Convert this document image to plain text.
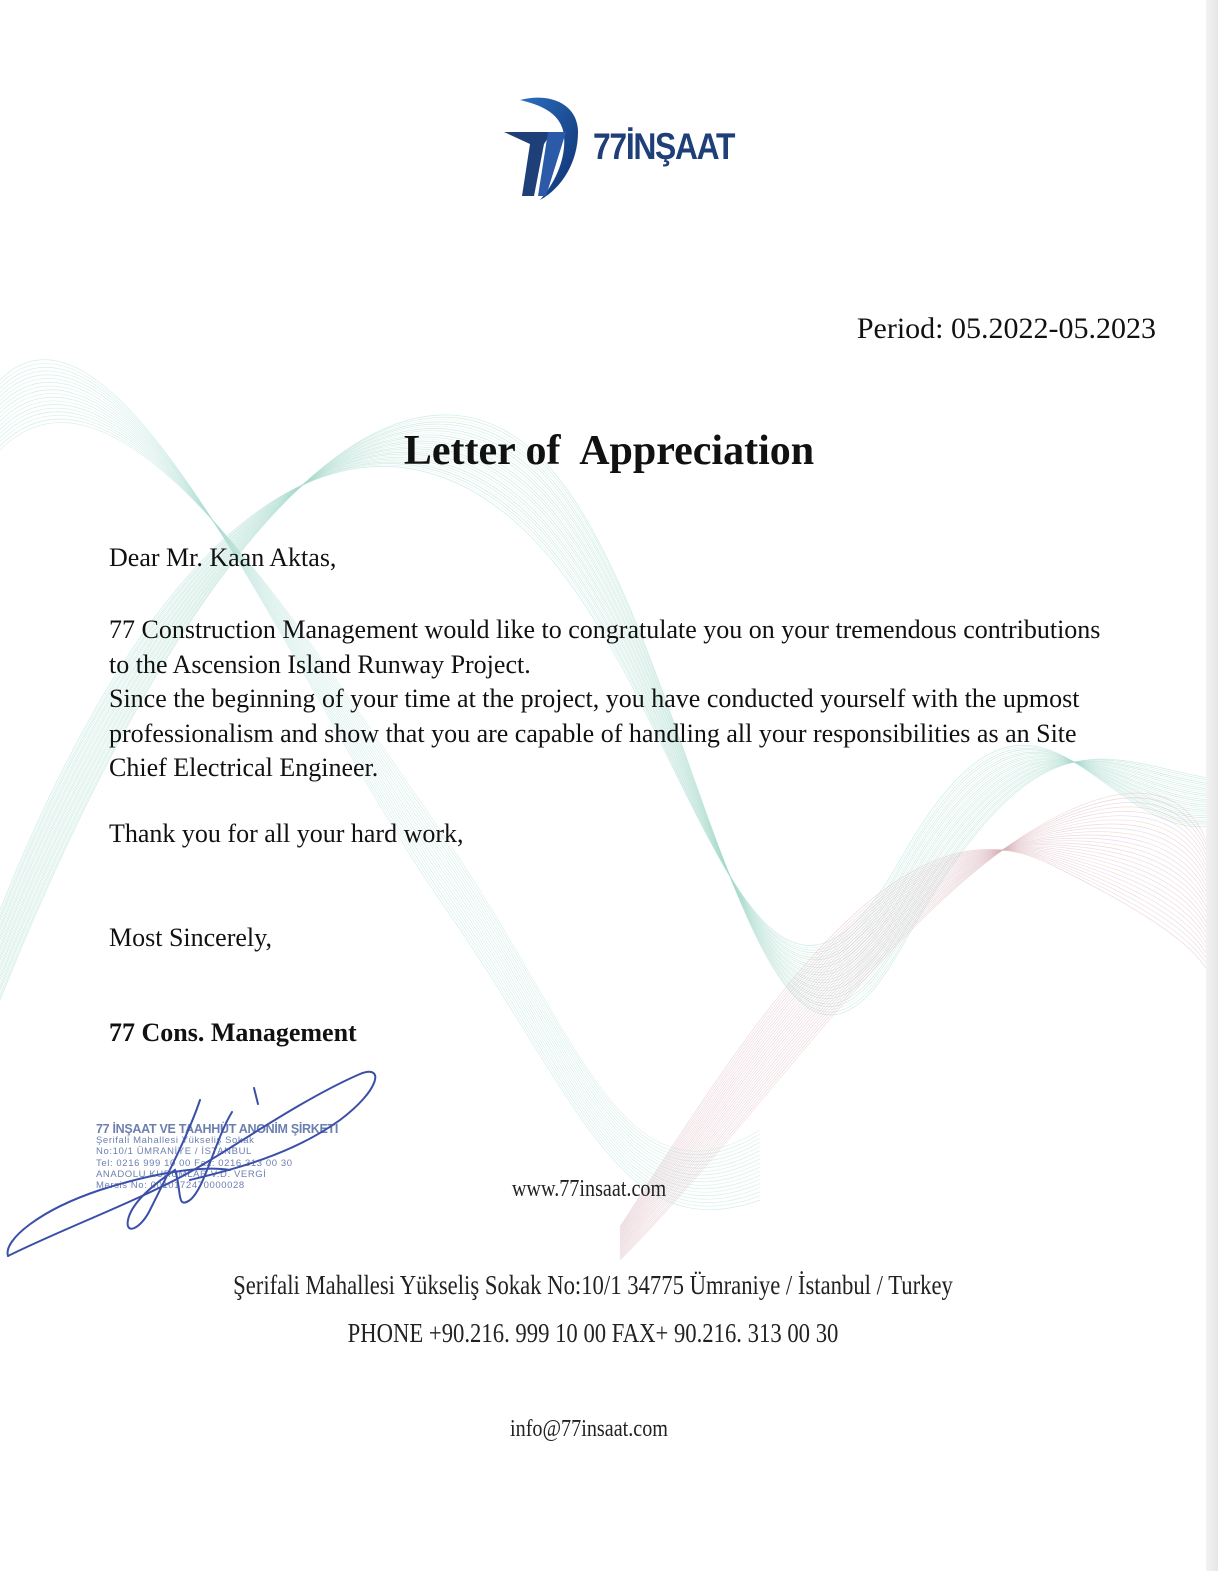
77İNŞAAT
Period: 05.2022-05.2023
Letter of  Appreciation
Dear Mr. Kaan Aktas,

77 Construction Management would like to congratulate you on your tremendous contributions to the Ascension Island Runway Project.

Since the beginning of your time at the project, you have conducted yourself with the upmost professionalism and show that you are capable of handling all your responsibilities as an Site Chief Electrical Engineer.

Thank you for all your hard work,
Most Sincerely,
77 Cons. Management
77 İNŞAAT VE TAAHHÜT ANONİM ŞİRKETİ
Şerifali Mahallesi Yükseliş Sokak
No:10/1 ÜMRANİYE / İSTANBUL
Tel: 0216 999 10 00 Fax: 0216 313 00 30
ANADOLU KURUMLAR V.D. VERGİ
Mersis No: 0010172470000028	www.77insaat.com
Şerifali Mahallesi Yükseliş Sokak No:10/1 34775 Ümraniye / İstanbul / Turkey
PHONE +90.216. 999 10 00 FAX+ 90.216. 313 00 30
info@77insaat.com
